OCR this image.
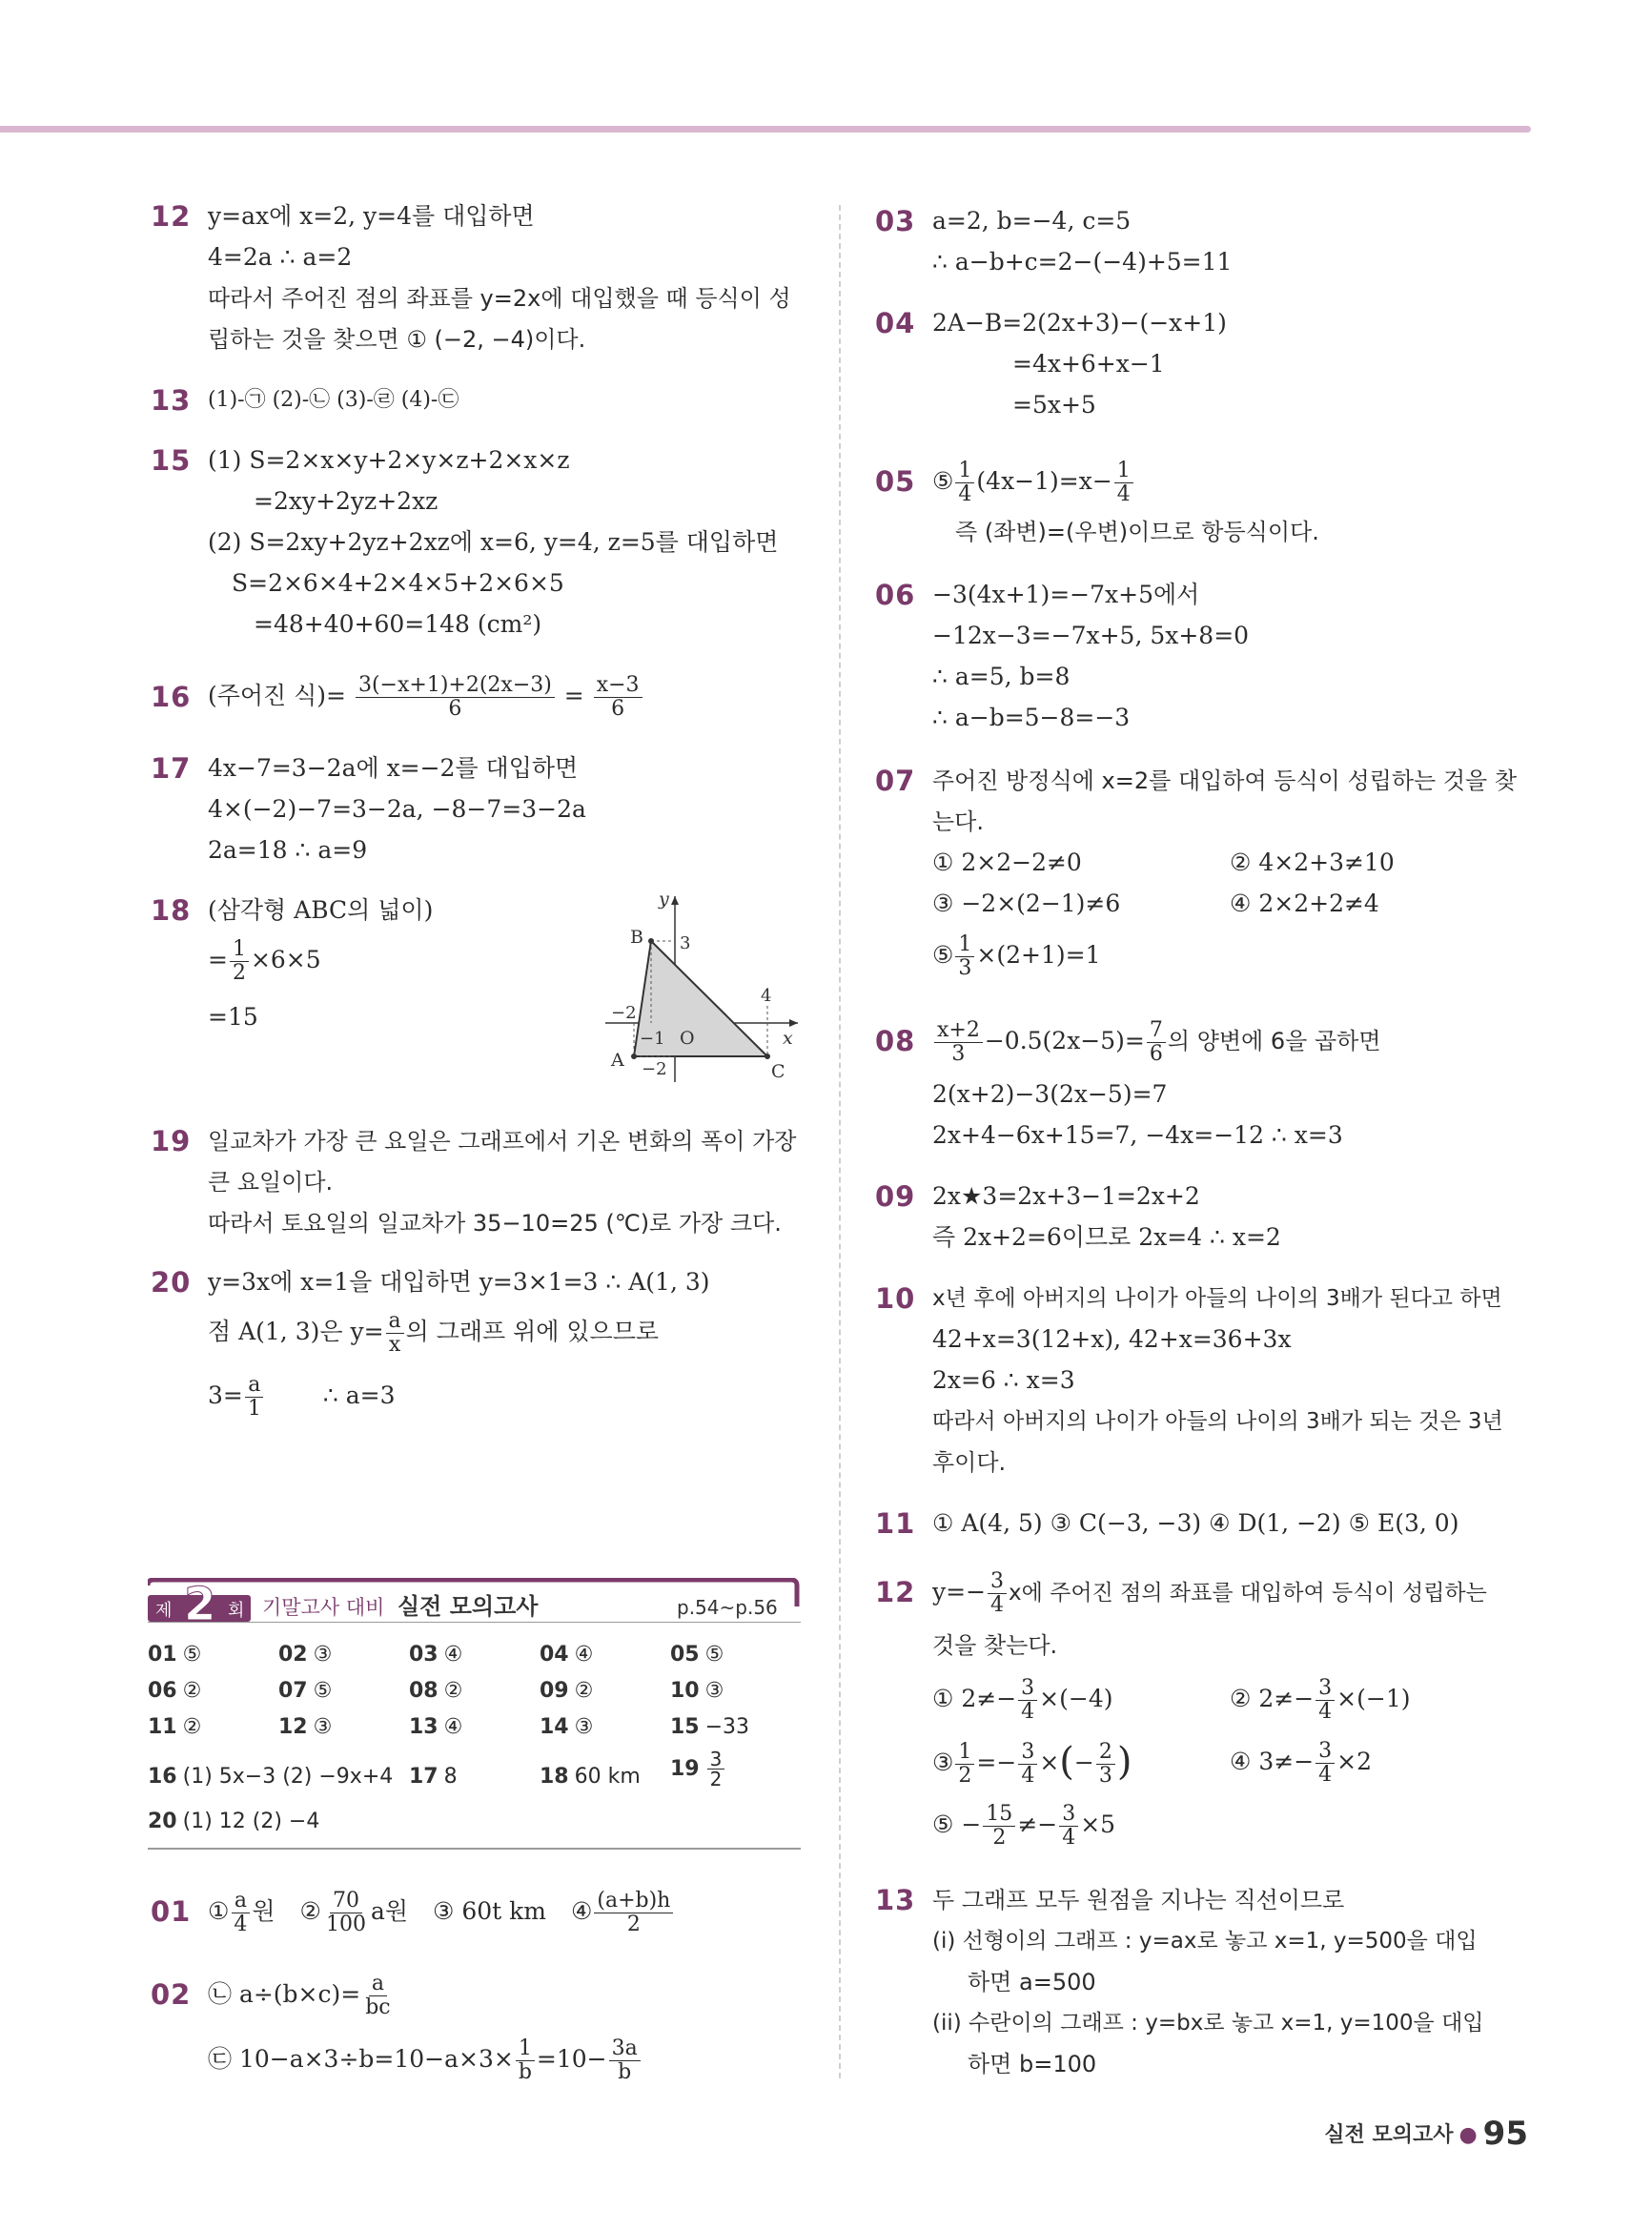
12 y=ax에 x=2, y=4를 대입하면
4=2a ∴ a=2
따라서 주어진 점의 좌표를 y=2x에 대입했을 때 등식이 성
립하는 것을 찾으면 ① (−2, −4)이다.
13 (1)-㉠ (2)-㉡ (3)-㉣ (4)-㉢
15 (1) S=2×x×y+2×y×z+2×x×z
=2xy+2yz+2xz
(2) S=2xy+2yz+2xz에 x=6, y=4, z=5를 대입하면
S=2×6×4+2×4×5+2×6×5
=48+40+60=148 (cm²)
16 (주어진 식)= $\frac{3(-x+1)+2(2x-3)}{6} = \frac{x-3}{6}$
17 4x−7=3−2a에 x=−2를 대입하면
4×(−2)−7=3−2a, −8−7=3−2a
2a=18 ∴ a=9
18 (삼각형 ABC의 넓이)
= $\frac{1}{2} \times 6\times 5$
=15
y
x
O
B
A
C
3
−2
−1
4
−2
19 일교차가 가장 큰 요일은 그래프에서 기온 변화의 폭이 가장
큰 요일이다.
따라서 토요일의 일교차가 35−10=25 (℃)로 가장 크다.
20 y=3x에 x=1을 대입하면 y=3×1=3 ∴ A(1, 3)
점 A(1, 3)은 $y= \frac{a}{x}$ 의 그래프 위에 있으므로
$3= \frac{a}{1}$ ∴ a=3
제 2 회 기말고사 대비 실전 모의고사	p.54~p.56
01 ⑤	02 ③	03 ④	04 ④	05 ⑤
06 ②	07 ⑤	08 ②	09 ②	10 ③
11 ②	12 ③	13 ④	14 ③	15 −33
16 (1) 5x−3 (2) −9x+4 17 8	18 60 km $19 \frac{3}{2}$
20 (1) 12 (2) −4
01 ① $\frac{a}{4}$ 원 ② $\frac{70}{100}$ a원 ③ 60t km ④ $\frac{(a+b)h}{2}$
02 ㉡ $a\div(b\times c)= \frac{a}{bc}$
㉢ $10-a\times 3\div b=10-a\times 3\times \frac{1}{b} =10- \frac{3a}{b}$
03 a=2, b=−4, c=5
∴ a−b+c=2−(−4)+5=11
04 2A−B=2(2x+3)−(−x+1)
=4x+6+x−1
=5x+5
05 ⑤ $\frac{1}{4} (4x-1)=x- \frac{1}{4}$
즉 (좌변)=(우변)이므로 항등식이다.
06 −3(4x+1)=−7x+5에서
−12x−3=−7x+5, 5x+8=0
∴ a=5, b=8
∴ a−b=5−8=−3
07 주어진 방정식에 x=2를 대입하여 등식이 성립하는 것을 찾
는다.
① 2×2−2≠0	② 4×2+3≠10
③ −2×(2−1)≠6	④ 2×2+2≠4
⑤ $\frac{1}{3} \times(2+1)=1$
$08 \frac{x+2}{3} -0.5(2x-5)= \frac{7}{6}$ 의 양변에 6을 곱하면
2(x+2)−3(2x−5)=7
2x+4−6x+15=7, −4x=−12 ∴ x=3
09 2x★3=2x+3−1=2x+2
즉 2x+2=6이므로 2x=4 ∴ x=2
10 x년 후에 아버지의 나이가 아들의 나이의 3배가 된다고 하면
42+x=3(12+x), 42+x=36+3x
2x=6 ∴ x=3
따라서 아버지의 나이가 아들의 나이의 3배가 되는 것은 3년
후이다.
11 ① A(4, 5) ③ C(−3, −3) ④ D(1, −2) ⑤ E(3, 0)
12 $y=- \frac{3}{4}$ x에 주어진 점의 좌표를 대입하여 등식이 성립하는
것을 찾는다.
① $2\ne- \frac{3}{4} \times(-4)$	② $2\ne- \frac{3}{4} \times(-1)$
③ $\frac{1}{2} =- \frac{3}{4}$ ×(− $\frac{2}{3}$ )	④ $3\ne- \frac{3}{4} \times 2$
⑤ − $\frac{15}{2} \ne- \frac{3}{4} \times 5$
13 두 그래프 모두 원점을 지나는 직선이므로
(i) 선형이의 그래프 : y=ax로 놓고 x=1, y=500을 대입
하면 a=500
(ii) 수란이의 그래프 : y=bx로 놓고 x=1, y=100을 대입
하면 b=100
실전 모의고사 ● 95
